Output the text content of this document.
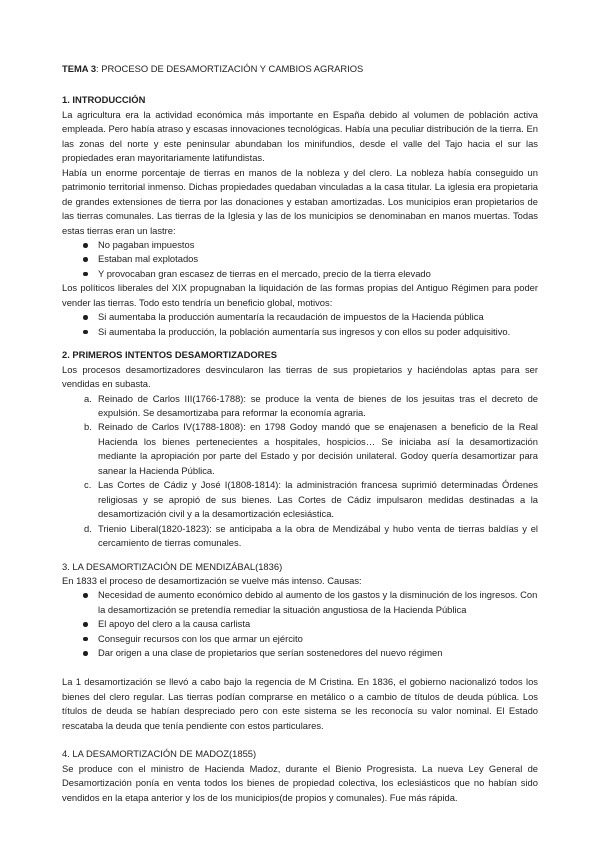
TEMA 3: PROCESO DE DESAMORTIZACIÓN Y CAMBIOS AGRARIOS

1. INTRODUCCIÓN

La agricultura era la actividad económica más importante en España debido al volumen de población activa empleada. Pero había atraso y escasas innovaciones tecnológicas. Había una peculiar distribución de la tierra. En las zonas del norte y este peninsular abundaban los minifundios, desde el valle del Tajo hacia el sur las propiedades eran mayoritariamente latifundistas.

Había un enorme porcentaje de tierras en manos de la nobleza y del clero. La nobleza había conseguido un patrimonio territorial inmenso. Dichas propiedades quedaban vinculadas a la casa titular. La iglesia era propietaria de grandes extensiones de tierra por las donaciones y estaban amortizadas. Los municipios eran propietarios de las tierras comunales. Las tierras de la Iglesia y las de los municipios se denominaban en manos muertas. Todas estas tierras eran un lastre:

No pagaban impuestos
Estaban mal explotados
Y provocaban gran escasez de tierras en el mercado, precio de la tierra elevado

Los políticos liberales del XIX propugnaban la liquidación de las formas propias del Antiguo Régimen para poder vender las tierras. Todo esto tendría un beneficio global, motivos:

Si aumentaba la producción aumentaría la recaudación de impuestos de la Hacienda pública
Si aumentaba la producción, la población aumentaría sus ingresos y con ellos su poder adquisitivo.

2. PRIMEROS INTENTOS DESAMORTIZADORES

Los procesos desamortizadores desvincularon las tierras de sus propietarios y haciéndolas aptas para ser vendidas en subasta.

a. Reinado de Carlos III(1766-1788): se produce la venta de bienes de los jesuitas tras el decreto de expulsión. Se desamortizaba para reformar la economía agraria.
b. Reinado de Carlos IV(1788-1808): en 1798 Godoy mandó que se enajenasen a beneficio de la Real Hacienda los bienes pertenecientes a hospitales, hospicios… Se iniciaba así la desamortización mediante la apropiación por parte del Estado y por decisión unilateral. Godoy quería desamortizar para sanear la Hacienda Pública.
c. Las Cortes de Cádiz y José I(1808-1814): la administración francesa suprimió determinadas Órdenes religiosas y se apropió de sus bienes. Las Cortes de Cádiz impulsaron medidas destinadas a la desamortización civil y a la desamortización eclesiástica.
d. Trienio Liberal(1820-1823): se anticipaba a la obra de Mendizábal y hubo venta de tierras baldías y el cercamiento de tierras comunales.

3. LA DESAMORTIZACIÓN DE MENDIZÁBAL(1836)

En 1833 el proceso de desamortización se vuelve más intenso. Causas:

Necesidad de aumento económico debido al aumento de los gastos y la disminución de los ingresos. Con la desamortización se pretendía remediar la situación angustiosa de la Hacienda Pública
El apoyo del clero a la causa carlista
Conseguir recursos con los que armar un ejército
Dar origen a una clase de propietarios que serían sostenedores del nuevo régimen

La 1 desamortización se llevó a cabo bajo la regencia de M Cristina. En 1836, el gobierno nacionalizó todos los bienes del clero regular. Las tierras podían comprarse en metálico o a cambio de títulos de deuda pública. Los títulos de deuda se habían despreciado pero con este sistema se les reconocía su valor nominal. El Estado rescataba la deuda que tenía pendiente con estos particulares.

4. LA DESAMORTIZACIÓN DE MADOZ(1855)

Se produce con el ministro de Hacienda Madoz, durante el Bienio Progresista. La nueva Ley General de Desamortización ponía en venta todos los bienes de propiedad colectiva, los eclesiásticos que no habían sido vendidos en la etapa anterior y los de los municipios(de propios y comunales). Fue más rápida.
